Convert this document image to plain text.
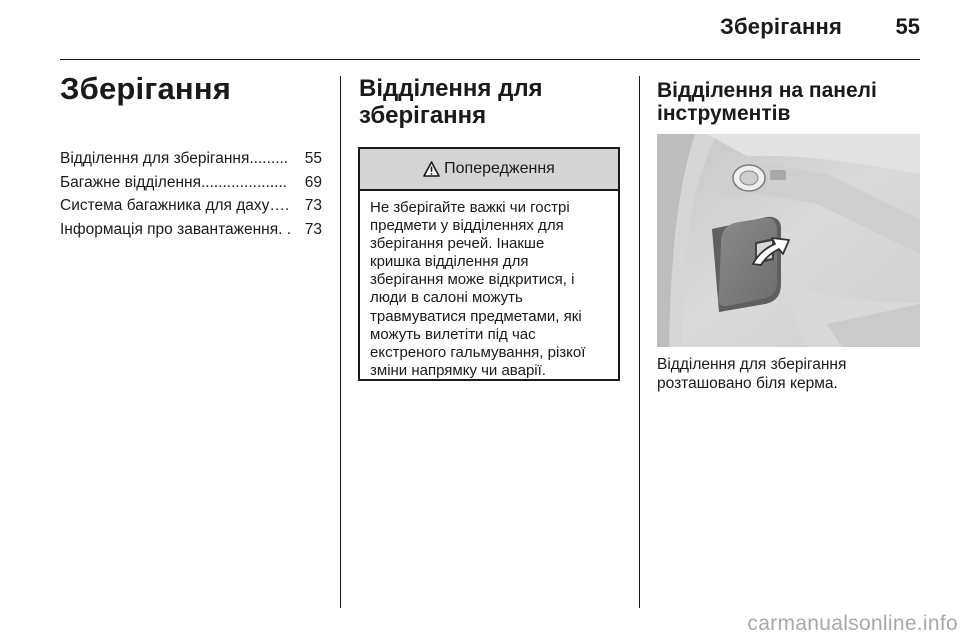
Зберігання	55
Зберігання
Відділення для зберігання .........	55
Багажне відділення ....................	69
Система багажника для даху ….	73
Інформація про завантаження . . 73
Відділення для
зберігання
Попередження
Не зберігайте важкі чи гострі
предмети у відділеннях для
зберігання речей. Інакше
кришка відділення для
зберігання може відкритися, і
люди в салоні можуть
травмуватися предметами, які
можуть вилетіти під час
екстреного гальмування, різкої
зміни напрямку чи аварії.
Відділення на панелі
інструментів
Відділення для зберігання
розташовано біля керма.
carmanualsonline.info
